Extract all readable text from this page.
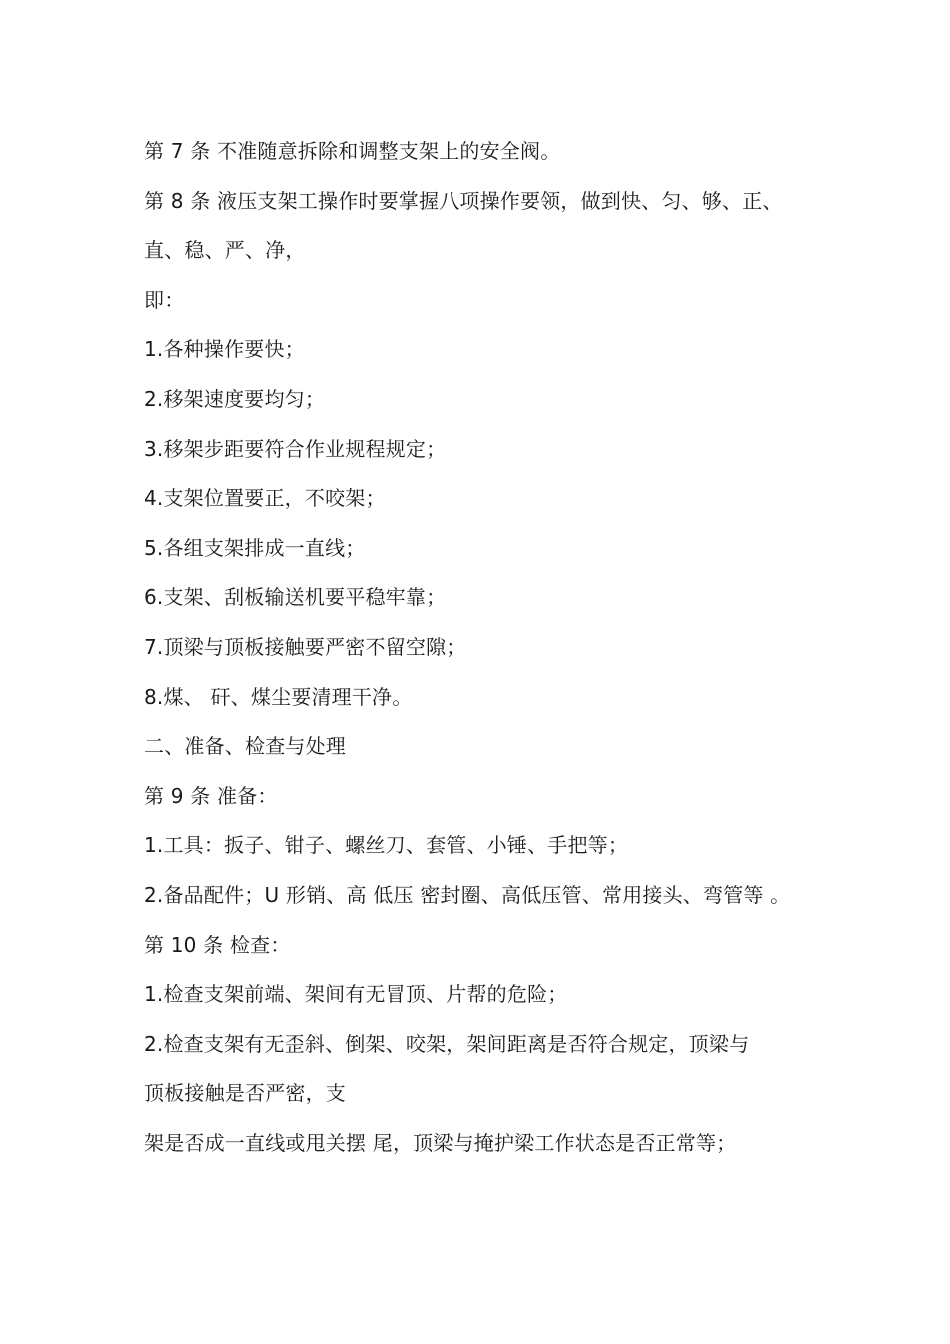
第 7 条 不准随意拆除和调整支架上的安全阀。
第 8 条 液压支架工操作时要掌握八项操作要领，做到快、匀、够、正、
直、稳、严、净，
即：
1.各种操作要快；
2.移架速度要均匀；
3.移架步距要符合作业规程规定；
4.支架位置要正，不咬架；
5.各组支架排成一直线；
6.支架、刮板输送机要平稳牢靠；
7.顶梁与顶板接触要严密不留空隙；
8.煤、 矸、煤尘要清理干净。
二、准备、检查与处理
第 9 条 准备：
1.工具：扳子、钳子、螺丝刀、套管、小锤、手把等；
2.备品配件；U 形销、高 低压 密封圈、高低压管、常用接头、弯管等 。
第 10 条 检查：
1.检查支架前端、架间有无冒顶、片帮的危险；
2.检查支架有无歪斜、倒架、咬架，架间距离是否符合规定，顶梁与
顶板接触是否严密，支
架是否成一直线或甩关摆 尾，顶梁与掩护梁工作状态是否正常等；
